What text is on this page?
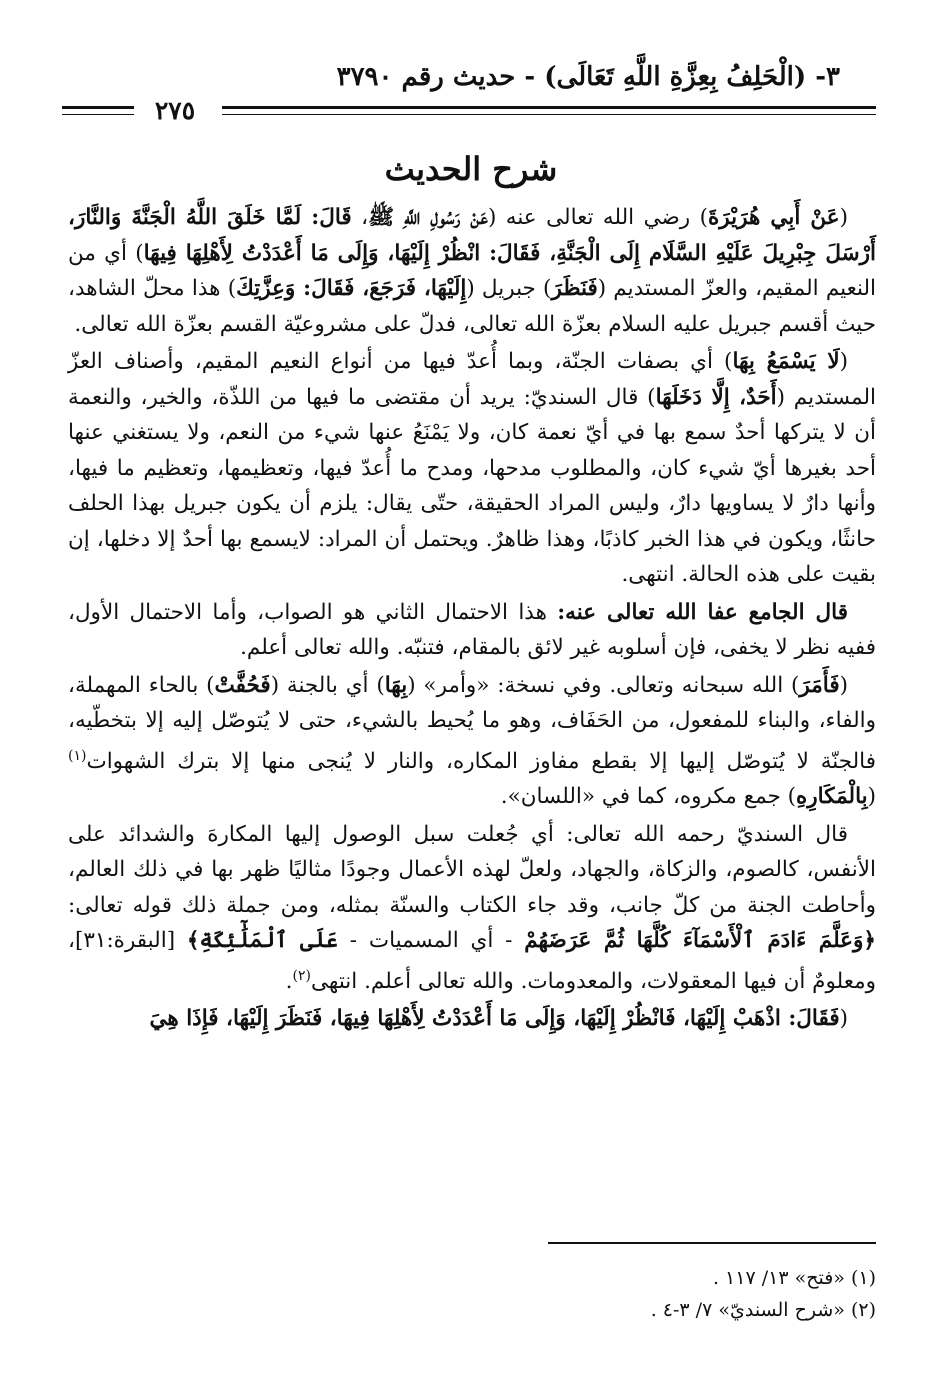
٣- (الْحَلِفُ بِعِزَّةِ اللَّهِ تَعَالَى) - حديث رقم ٣٧٩٠
٢٧٥
شرح الحديث

(عَنْ أَبِي هُرَيْرَةَ) رضي الله تعالى عنه (عَنْ رَسُولِ اللَّهِ ﷺ، قَالَ: لَمَّا خَلَقَ اللَّهُ الْجَنَّةَ وَالنَّارَ، أَرْسَلَ جِبْرِيلَ عَلَيْهِ السَّلَام إِلَى الْجَنَّةِ، فَقَالَ: انْظُرْ إِلَيْهَا، وَإِلَى مَا أَعْدَدْتُ لِأَهْلِهَا فِيهَا) أي من النعيم المقيم، والعزّ المستديم (فَنَظَرَ) جبريل (إِلَيْهَا، فَرَجَعَ، فَقَالَ: وَعِزَّتِكَ) هذا محلّ الشاهد، حيث أقسم جبريل عليه السلام بعزّة الله تعالى، فدلّ على مشروعيّة القسم بعزّة الله تعالى.

(لَا يَسْمَعُ بِهَا) أي بصفات الجنّة، وبما أُعدّ فيها من أنواع النعيم المقيم، وأصناف العزّ المستديم (أَحَدٌ، إِلَّا دَخَلَهَا) قال السنديّ: يريد أن مقتضى ما فيها من اللذّة، والخير، والنعمة أن لا يتركها أحدٌ سمع بها في أيّ نعمة كان، ولا يَمْنَعُ عنها شيء من النعم، ولا يستغني عنها أحد بغيرها أيّ شيء كان، والمطلوب مدحها، ومدح ما أُعدّ فيها، وتعظيمها، وتعظيم ما فيها، وأنها دارٌ لا يساويها دارٌ، وليس المراد الحقيقة، حتّى يقال: يلزم أن يكون جبريل بهذا الحلف حانثًا، ويكون في هذا الخبر كاذبًا، وهذا ظاهرٌ. ويحتمل أن المراد: لايسمع بها أحدٌ إلا دخلها، إن بقيت على هذه الحالة. انتهى.

قال الجامع عفا الله تعالى عنه: هذا الاحتمال الثاني هو الصواب، وأما الاحتمال الأول، ففيه نظر لا يخفى، فإن أسلوبه غير لائق بالمقام، فتنبّه. والله تعالى أعلم.

(فَأَمَرَ) الله سبحانه وتعالى. وفي نسخة: «وأمر» (بِهَا) أي بالجنة (فَحُفَّتْ) بالحاء المهملة، والفاء، والبناء للمفعول، من الحَفَاف، وهو ما يُحيط بالشيء، حتى لا يُتوصّل إليه إلا بتخطّيه، فالجنّة لا يُتوصّل إليها إلا بقطع مفاوز المكاره، والنار لا يُنجى منها إلا بترك الشهوات$^{(١)}$ (بِالْمَكَارِهِ) جمع مكروه، كما في «اللسان».

قال السنديّ رحمه الله تعالى: أي جُعلت سبل الوصول إليها المكارهَ والشدائد على الأنفس، كالصوم، والزكاة، والجهاد، ولعلّ لهذه الأعمال وجودًا مثاليًا ظهر بها في ذلك العالم، وأحاطت الجنة من كلّ جانب، وقد جاء الكتاب والسنّة بمثله، ومن جملة ذلك قوله تعالى: ﴿وَعَلَّمَ ءَادَمَ ٱلْأَسْمَآءَ كُلَّهَا ثُمَّ عَرَضَهُمْ - أي المسميات - عَلَى ٱلْمَلَٰٓئِكَةِ﴾ [البقرة:٣١]، ومعلومٌ أن فيها المعقولات، والمعدومات. والله تعالى أعلم. انتهى$^{(٢)}$.

(فَقَالَ: اذْهَبْ إِلَيْهَا، فَانْظُرْ إِلَيْهَا، وَإِلَى مَا أَعْدَدْتُ لِأَهْلِهَا فِيهَا، فَنَظَرَ إِلَيْهَا، فَإِذَا هِيَ

(١) «فتح» ١٣/ ١١٧ .
(٢) «شرح السنديّ» ٧/ ٣-٤ .
